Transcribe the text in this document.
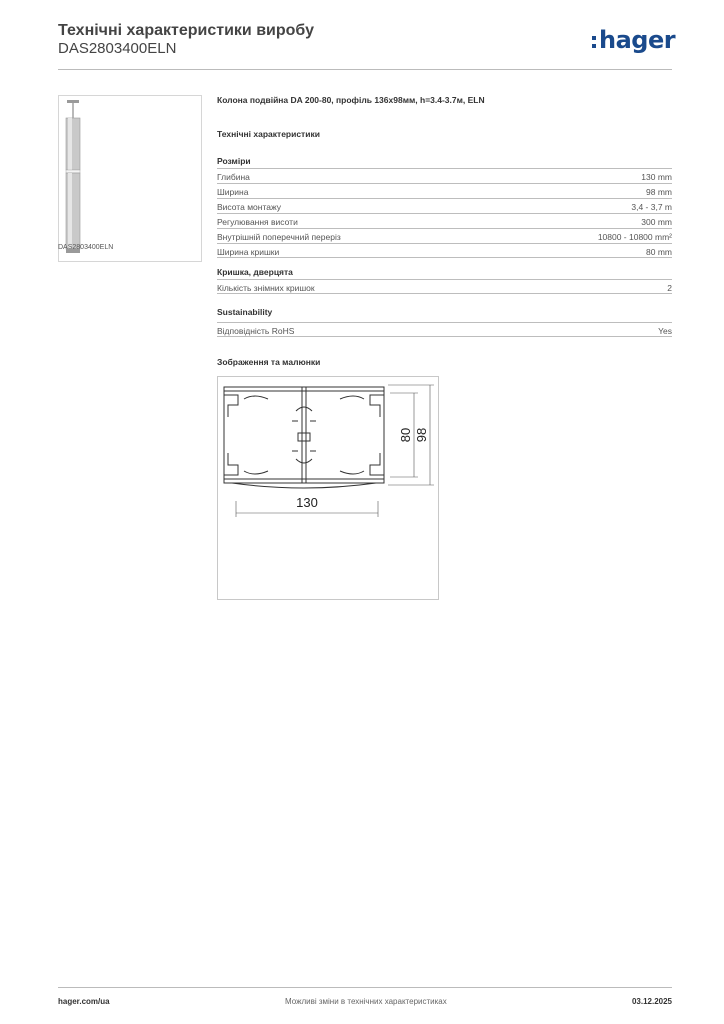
Технічні характеристики виробу
DAS2803400ELN	hager
DAS2803400ELN
Колона подвійна DA 200-80, профіль 136x98мм, h=3.4-3.7м, ELN
Технічні характеристики
Розміри
Глибина	130 mm
Ширина	98 mm
Висота монтажу	3,4 - 3,7 m
Регулювання висоти	300 mm
Внутрішній поперечний переріз	10800 - 10800 mm²
Ширина кришки	80 mm
Кришка, дверцята
Кількість знімних кришок	2
Sustainability
Відповідність RoHS	Yes
Зображення та малюнки
130
80 98
hager.com/ua	Можливі зміни в технічних характеристиках	03.12.2025
